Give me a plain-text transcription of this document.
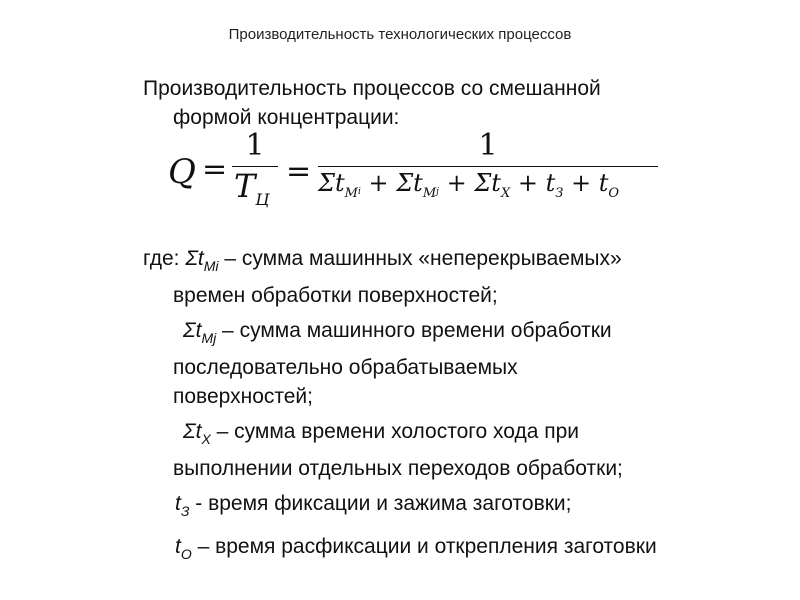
Производительность технологических процессов
Производительность процессов со смешанной
формой концентрации:
Q =
1
$T_Ц$
=
1
$\Sigma t_Mi + \Sigma t_Mj + \Sigma t_X + t_З + t_О$
где: $\Sigma t_{Mi}$ – сумма машинных «неперекрываемых»
времен обработки поверхностей;
$\Sigma t_{Mj}$ – сумма машинного времени обработки
последовательно обрабатываемых
поверхностей;
$\Sigma t_X$ – сумма времени холостого хода при
выполнении отдельных переходов обработки;
$t_З$ - время фиксации и зажима заготовки;
$t_О$ – время расфиксации и открепления заготовки
